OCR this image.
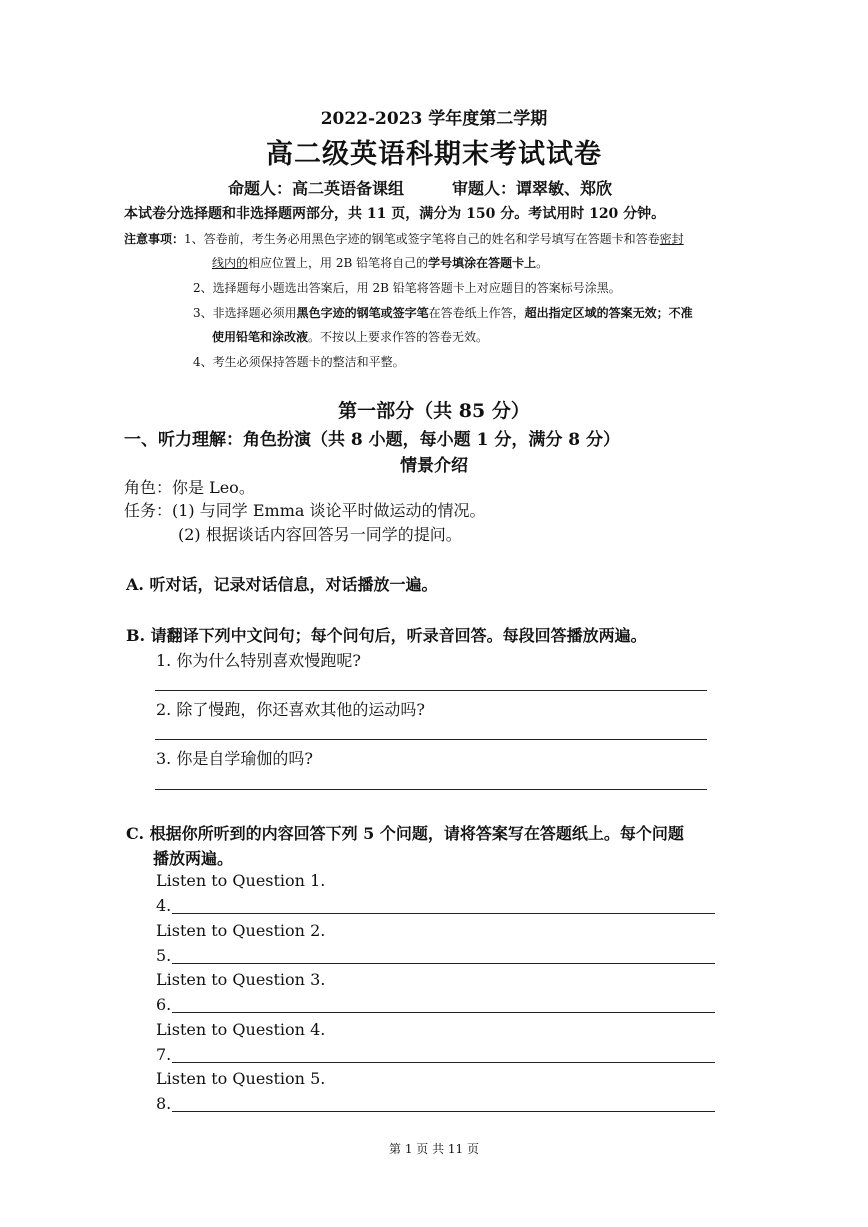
2022-2023 学年度第二学期
高二级英语科期末考试试卷
命题人：高二英语备课组　　　审题人：谭翠敏、郑欣
本试卷分选择题和非选择题两部分，共 11 页，满分为 150 分。考试用时 120 分钟。
注意事项：1、答卷前，考生务必用黑色字迹的钢笔或签字笔将自己的姓名和学号填写在答题卡和答卷密封
线内的相应位置上，用 2B 铅笔将自己的学号填涂在答题卡上。
2、选择题每小题选出答案后，用 2B 铅笔将答题卡上对应题目的答案标号涂黑。
3、非选择题必须用黑色字迹的钢笔或签字笔在答卷纸上作答，超出指定区域的答案无效；不准
使用铅笔和涂改液。不按以上要求作答的答卷无效。
4、考生必须保持答题卡的整洁和平整。
第一部分（共 85 分）
一、听力理解：角色扮演（共 8 小题，每小题 1 分，满分 8 分）
情景介绍
角色：你是 Leo。
任务：(1) 与同学 Emma 谈论平时做运动的情况。
(2) 根据谈话内容回答另一同学的提问。
A. 听对话，记录对话信息，对话播放一遍。
B. 请翻译下列中文问句；每个问句后，听录音回答。每段回答播放两遍。
1. 你为什么特别喜欢慢跑呢?
2. 除了慢跑，你还喜欢其他的运动吗?
3. 你是自学瑜伽的吗?
C. 根据你所听到的内容回答下列 5 个问题，请将答案写在答题纸上。每个问题
播放两遍。
Listen to Question 1.
4.
Listen to Question 2.
5.
Listen to Question 3.
6.
Listen to Question 4.
7.
Listen to Question 5.
8.
第 1 页 共 11 页
